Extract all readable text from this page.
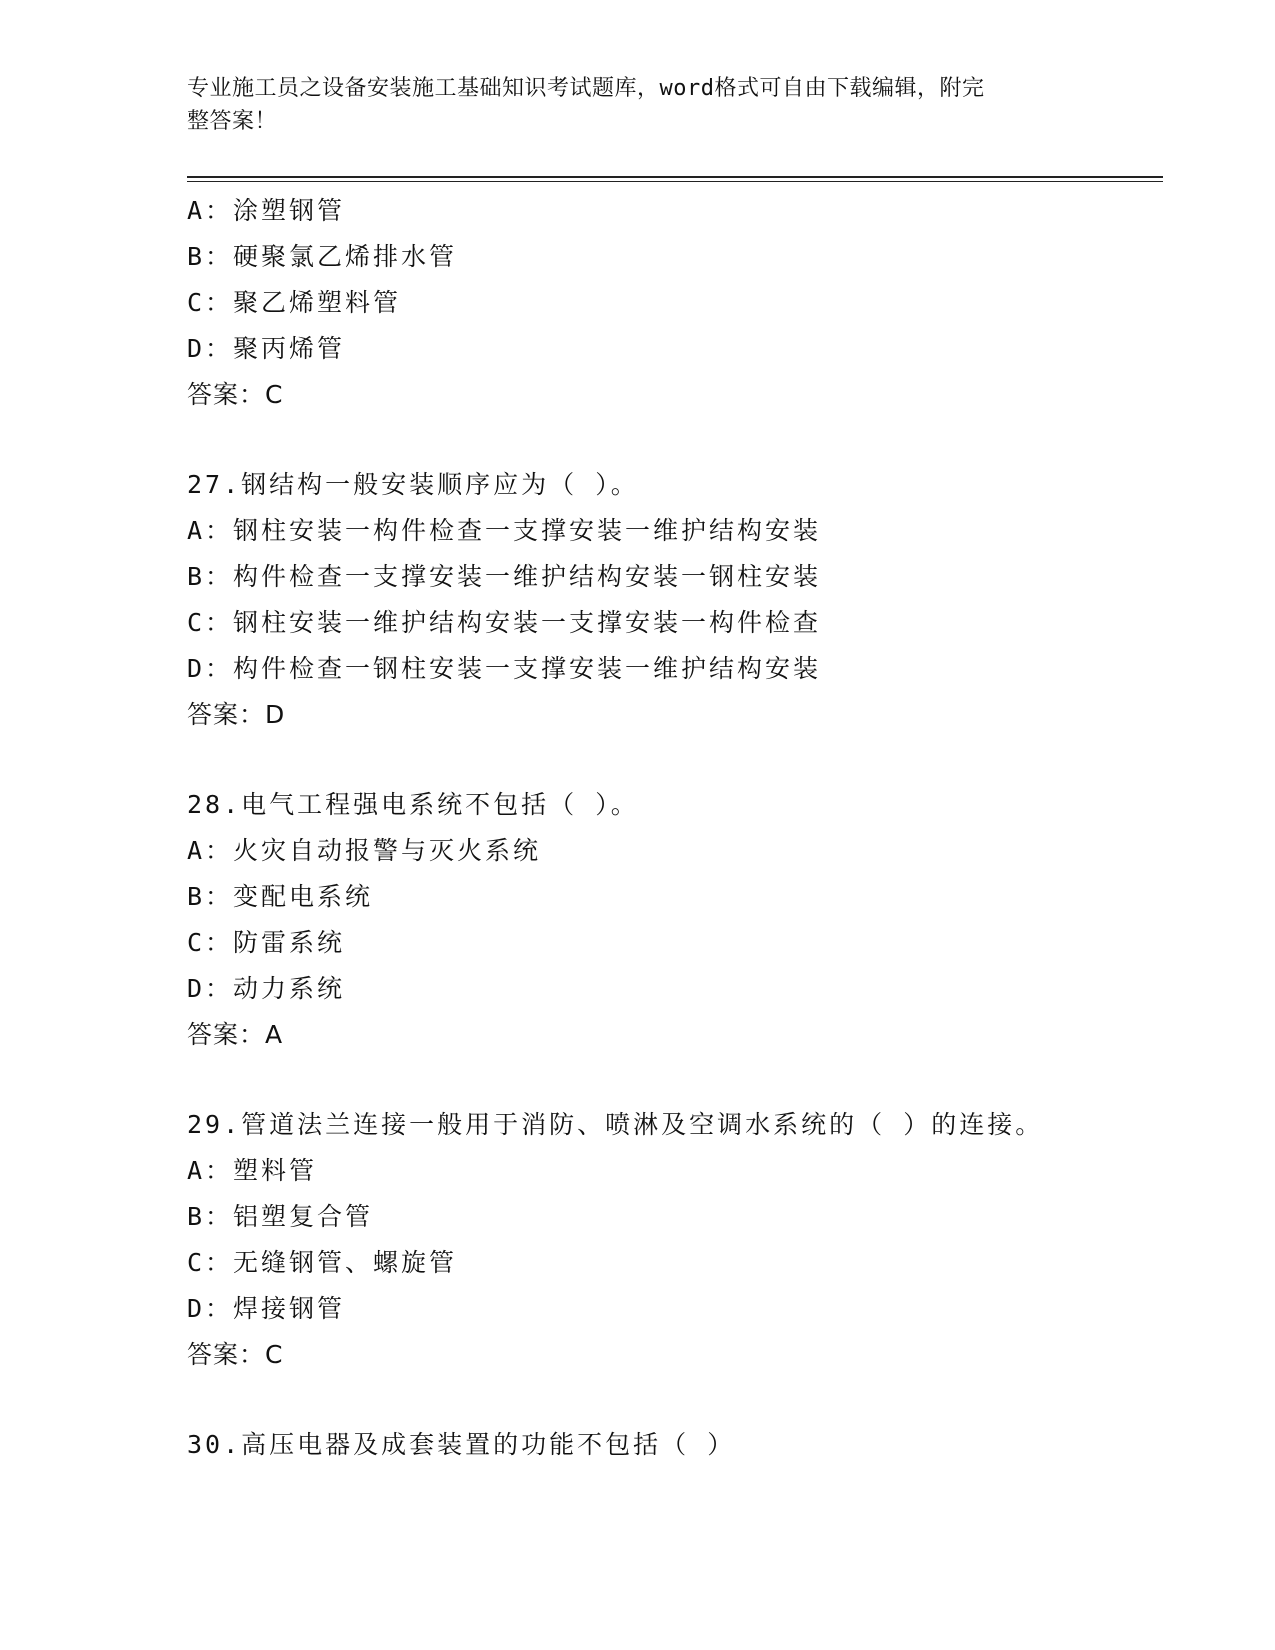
专业施工员之设备安装施工基础知识考试题库，word格式可自由下载编辑，附完
整答案！
A：涂塑钢管
B：硬聚氯乙烯排水管
C：聚乙烯塑料管
D：聚丙烯管
答案：C
27.钢结构一般安装顺序应为（ ）。
A：钢柱安装一构件检查一支撑安装一维护结构安装
B：构件检查一支撑安装一维护结构安装一钢柱安装
C：钢柱安装一维护结构安装一支撑安装一构件检查
D：构件检查一钢柱安装一支撑安装一维护结构安装
答案：D
28.电气工程强电系统不包括（ ）。
A：火灾自动报警与灭火系统
B：变配电系统
C：防雷系统
D：动力系统
答案：A
29.管道法兰连接一般用于消防、喷淋及空调水系统的（ ）的连接。
A：塑料管
B：铝塑复合管
C：无缝钢管、螺旋管
D：焊接钢管
答案：C
30.高压电器及成套装置的功能不包括（ ）
